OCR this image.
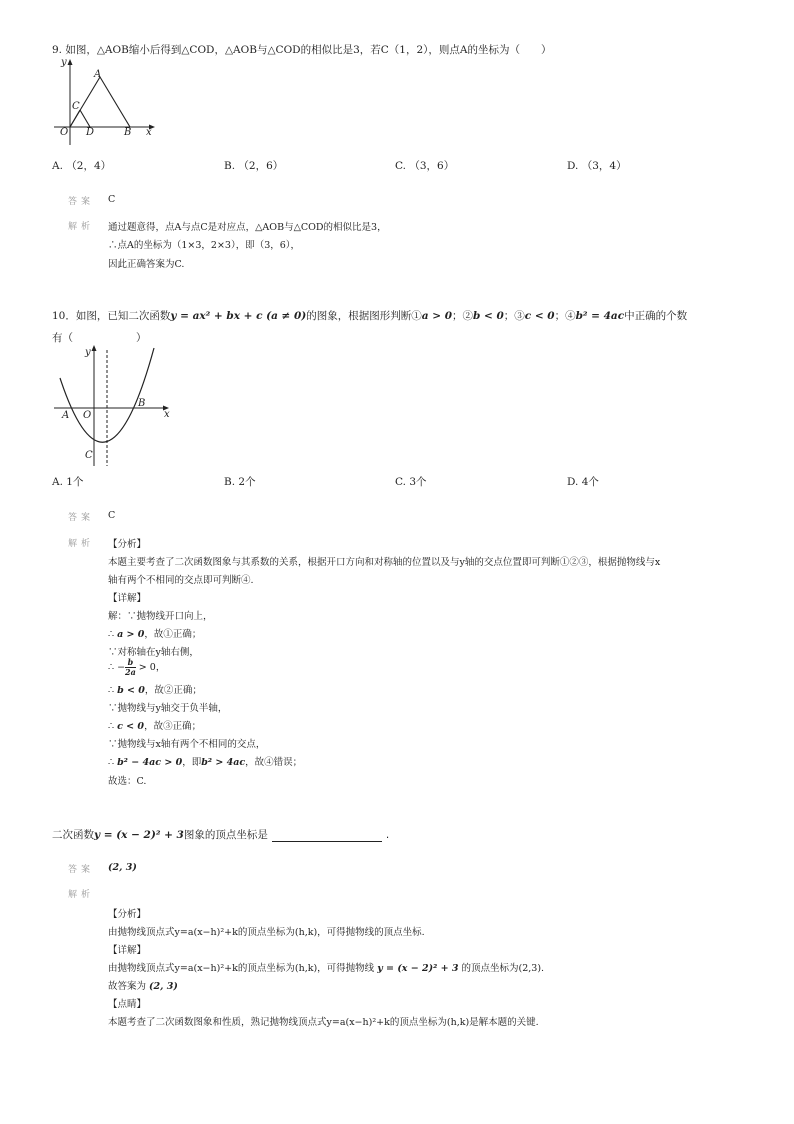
9. 如图，△AOB缩小后得到△COD，△AOB与△COD的相似比是3，若C（1，2），则点A的坐标为（　　）
y
A
C
O D	B x
A. （2，4）	B. （2，6）	C. （3，6）	D. （3，4）
答案 C
解析 通过题意得，点A与点C是对应点，△AOB与△COD的相似比是3，
∴点A的坐标为（1×3，2×3），即（3，6），
因此正确答案为C.
10．如图，已知二次函数y = ax² + bx + c (a ≠ 0)的图象，根据图形判断①a > 0；②b < 0；③c < 0；④b² = 4ac中正确的个数
有（　　　　　　）
y
A O
B
x
C
A. 1个	B. 2个	C. 3个	D. 4个
答案 C
解析 【分析】
本题主要考查了二次函数图象与其系数的关系，根据开口方向和对称轴的位置以及与y轴的交点位置即可判断①②③，根据抛物线与x
轴有两个不相同的交点即可判断④.
【详解】
解：∵抛物线开口向上，
∴ a > 0，故①正确；
∵对称轴在y轴右侧，
∴ − $\frac{b}{2a} > 0$，
∴ b < 0，故②正确；
∵抛物线与y轴交于负半轴，
∴ c < 0，故③正确；
∵抛物线与x轴有两个不相同的交点，
∴ b² − 4ac > 0，即b² > 4ac，故④错误；
故选：C.
二次函数y = (x − 2)² + 3图象的顶点坐标是	.
答案 (2, 3)
解析
【分析】
由抛物线顶点式y=a(x−h)²+k的顶点坐标为(h,k)，可得抛物线的顶点坐标.
【详解】
由抛物线顶点式y=a(x−h)²+k的顶点坐标为(h,k)，可得抛物线 y = (x − 2)² + 3 的顶点坐标为(2,3).
故答案为 (2, 3)
【点睛】
本题考查了二次函数图象和性质，熟记抛物线顶点式y=a(x−h)²+k的顶点坐标为(h,k)是解本题的关键.
